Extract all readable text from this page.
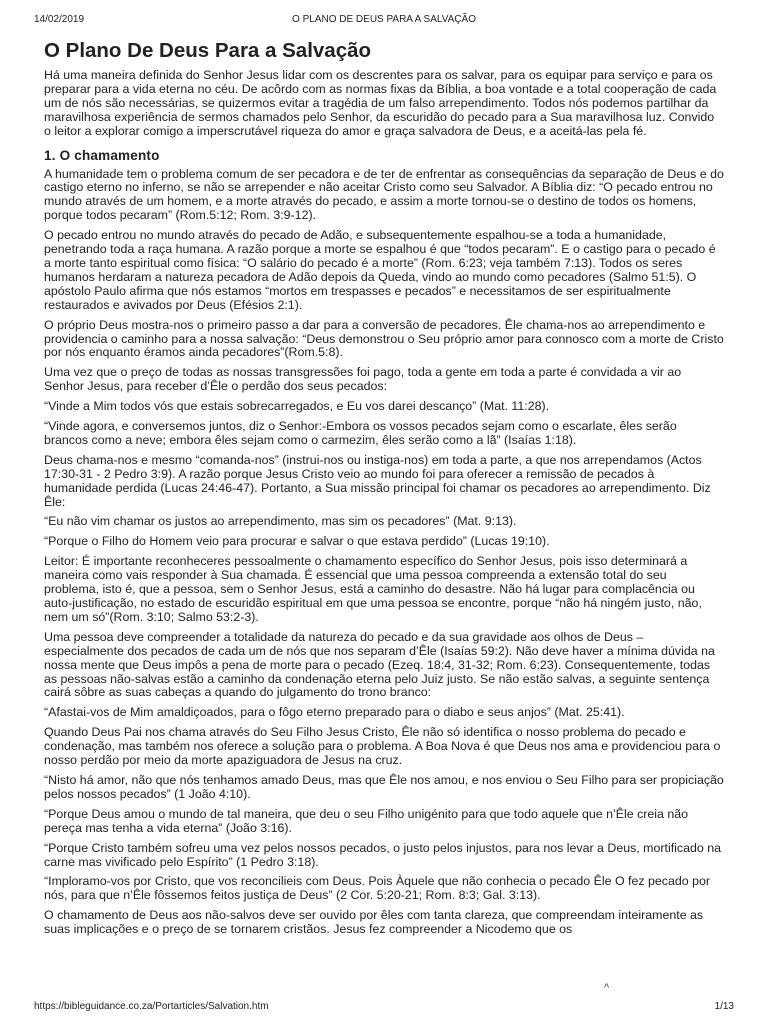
14/02/2019	O PLANO DE DEUS PARA A SALVAÇÃO
O Plano De Deus Para a Salvação

Há uma maneira definida do Senhor Jesus lidar com os descrentes para os salvar, para os equipar para serviço e para os preparar para a vida eterna no céu. De acôrdo com as normas fixas da Bíblia, a boa vontade e a total cooperação de cada um de nós são necessárias, se quizermos evitar a tragédia de um falso arrependimento. Todos nós podemos partilhar da maravilhosa experiência de sermos chamados pelo Senhor, da escuridão do pecado para a Sua maravilhosa luz. Convido o leitor a explorar comigo a imperscrutável riqueza do amor e graça salvadora de Deus, e a aceitá-las pela fé.

1. O chamamento

A humanidade tem o problema comum de ser pecadora e de ter de enfrentar as consequências da separação de Deus e do castigo eterno no inferno, se não se arrepender e não aceitar Cristo como seu Salvador. A Bíblia diz: “O pecado entrou no mundo através de um homem, e a morte através do pecado, e assim a morte tornou-se o destino de todos os homens, porque todos pecaram” (Rom.5:12; Rom. 3:9-12).

O pecado entrou no mundo através do pecado de Adão, e subsequentemente espalhou-se a toda a humanidade, penetrando toda a raça humana. A razão porque a morte se espalhou é que “todos pecaram”. E o castigo para o pecado é a morte tanto espiritual como física: “O salário do pecado é a morte” (Rom. 6:23; veja também 7:13). Todos os seres humanos herdaram a natureza pecadora de Adão depois da Queda, vindo ao mundo como pecadores (Salmo 51:5). O apóstolo Paulo afirma que nós estamos “mortos em trespasses e pecados” e necessitamos de ser espiritualmente restaurados e avivados por Deus (Efésios 2:1).

O próprio Deus mostra-nos o primeiro passo a dar para a conversão de pecadores. Êle chama-nos ao arrependimento e providencia o caminho para a nossa salvação: “Deus demonstrou o Seu próprio amor para connosco com a morte de Cristo por nós enquanto éramos ainda pecadores”(Rom.5:8).

Uma vez que o preço de todas as nossas transgressões foi pago, toda a gente em toda a parte é convidada a vir ao Senhor Jesus, para receber d’Êle o perdão dos seus pecados:

“Vinde a Mim todos vós que estais sobrecarregados, e Eu vos darei descanço” (Mat. 11:28).

“Vinde agora, e conversemos juntos, diz o Senhor:-Embora os vossos pecados sejam como o escarlate, êles serão brancos como a neve; embora êles sejam como o carmezim, êles serão como a lã” (Isaías 1:18).

Deus chama-nos e mesmo “comanda-nos” (instrui-nos ou instiga-nos) em toda a parte, a que nos arrependamos (Actos 17:30-31 - 2 Pedro 3:9). A razão porque Jesus Cristo veio ao mundo foi para oferecer a remissão de pecados à humanidade perdida (Lucas 24:46-47). Portanto, a Sua missão principal foi chamar os pecadores ao arrependimento. Diz Êle:

“Eu não vim chamar os justos ao arrependimento, mas sim os pecadores” (Mat. 9:13).

“Porque o Filho do Homem veio para procurar e salvar o que estava perdido” (Lucas 19:10).

Leitor: É importante reconheceres pessoalmente o chamamento específico do Senhor Jesus, pois isso determinará a maneira como vais responder à Sua chamada. É essencial que uma pessoa compreenda a extensão total do seu problema, isto é, que a pessoa, sem o Senhor Jesus, está a caminho do desastre. Não há lugar para complacência ou auto-justificação, no estado de escuridão espiritual em que uma pessoa se encontre, porque “não há ningém justo, não, nem um só”(Rom. 3:10; Salmo 53:2-3).

Uma pessoa deve compreender a totalidade da natureza do pecado e da sua gravidade aos olhos de Deus – especialmente dos pecados de cada um de nós que nos separam d’Êle (Isaías 59:2). Não deve haver a mínima dúvida na nossa mente que Deus impôs a pena de morte para o pecado (Ezeq. 18:4, 31-32; Rom. 6:23). Consequentemente, todas as pessoas não-salvas estão a caminho da condenação eterna pelo Juiz justo. Se não estão salvas, a seguinte sentença cairá sôbre as suas cabeças a quando do julgamento do trono branco:

“Afastai-vos de Mim amaldiçoados, para o fôgo eterno preparado para o diabo e seus anjos” (Mat. 25:41).

Quando Deus Pai nos chama através do Seu Filho Jesus Cristo, Êle não só identifica o nosso problema do pecado e condenação, mas também nos oferece a solução para o problema. A Boa Nova é que Deus nos ama e providenciou para o nosso perdão por meio da morte apaziguadora de Jesus na cruz.

“Nisto há amor, não que nós tenhamos amado Deus, mas que Êle nos amou, e nos enviou o Seu Filho para ser propiciação pelos nossos pecados” (1 João 4:10).

“Porque Deus amou o mundo de tal maneira, que deu o seu Filho unigénito para que todo aquele que n’Êle creia não pereça mas tenha a vida eterna” (João 3:16).

“Porque Cristo também sofreu uma vez pelos nossos pecados, o justo pelos injustos, para nos levar a Deus, mortificado na carne mas vivificado pelo Espírito” (1 Pedro 3:18).

“Imploramo-vos por Cristo, que vos reconcilieis com Deus. Pois Àquele que não conhecia o pecado Êle O fez pecado por nós, para que n’Êle fôssemos feitos justiça de Deus” (2 Cor. 5:20-21; Rom. 8:3; Gal. 3:13).

O chamamento de Deus aos não-salvos deve ser ouvido por êles com tanta clareza, que compreendam inteiramente as suas implicações e o preço de se tornarem cristãos. Jesus fez compreender a Nicodemo que os

^
https://bibleguidance.co.za/Portarticles/Salvation.htm	1/13
